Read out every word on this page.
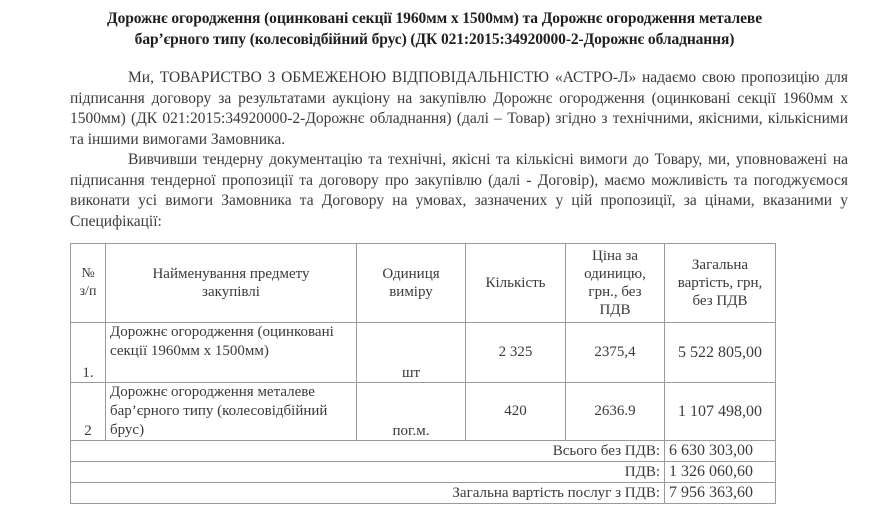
Дорожнє огородження (оцинковані секції 1960мм х 1500мм) та Дорожнє огородження металеве
бар’єрного типу (колесовідбійний брус) (ДК 021:2015:34920000-2-Дорожнє обладнання)
Ми, ТОВАРИСТВО З ОБМЕЖЕНОЮ ВІДПОВІДАЛЬНІСТЮ «АСТРО-Л» надаємо свою пропозицію для підписання договору за результатами аукціону на закупівлю Дорожнє огородження (оцинковані секції 1960мм х 1500мм) (ДК 021:2015:34920000-2-Дорожнє обладнання) (далі – Товар) згідно з технічними, якісними, кількісними та іншими вимогами Замовника.
Вивчивши тендерну документацію та технічні, якісні та кількісні вимоги до Товару, ми, уповноважені на підписання тендерної пропозиції та договору про закупівлю (далі - Договір), маємо можливість та погоджуємося виконати усі вимоги Замовника та Договору на умовах, зазначених у цій пропозиції, за цінами, вказаними у Специфікації:
№ з/п	Найменування предмету закупівлі	Одиниця виміру	Кількість	Ціна за одиницю, грн., без ПДВ	Загальна вартість, грн, без ПДВ
1.	Дорожнє огородження (оцинковані секції 1960мм х 1500мм)	шт	2 325	2375,4	5 522 805,00
2	Дорожнє огородження металеве бар’єрного типу (колесовідбійний брус)	пог.м.	420	2636.9	1 107 498,00
Всього без ПДВ:					6 630 303,00
ПДВ:					1 326 060,60
Загальна вартість послуг з ПДВ:					7 956 363,60
